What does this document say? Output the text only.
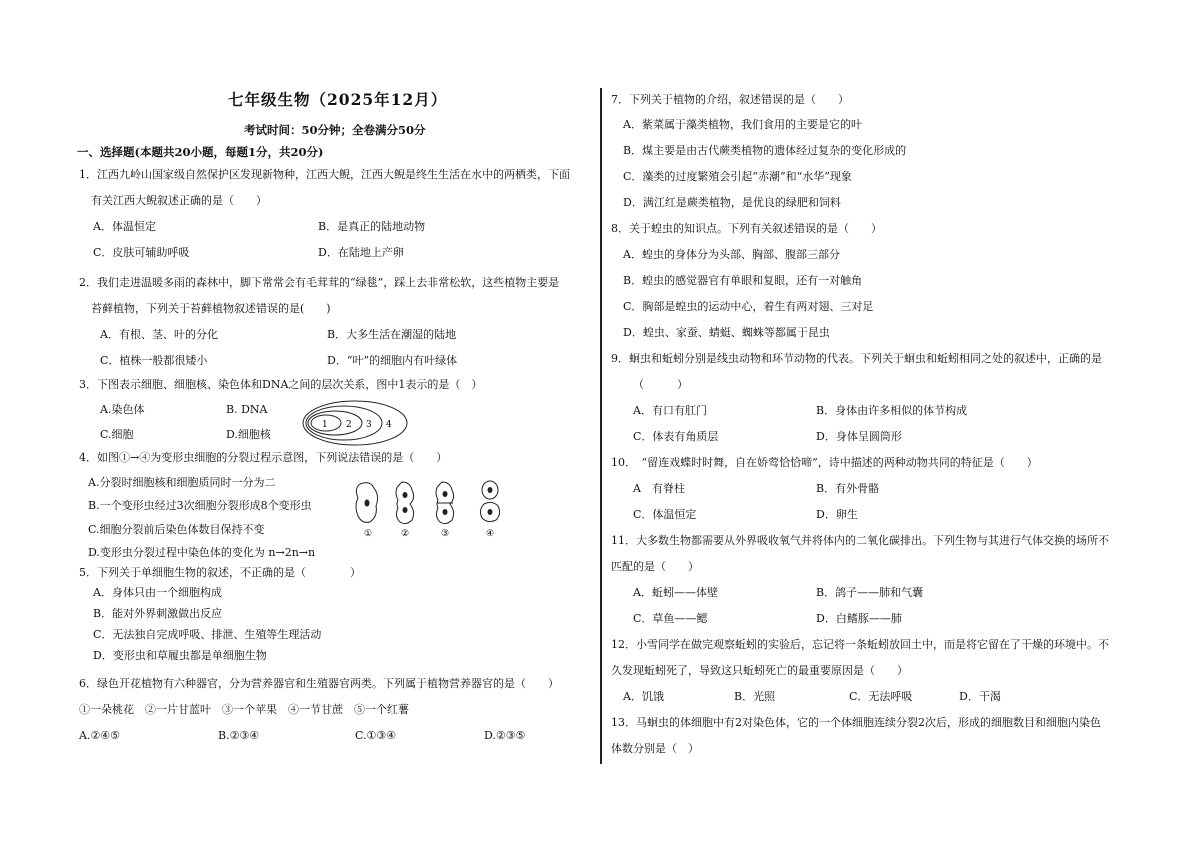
七年级生物（2025年12月）
考试时间：50分钟；全卷满分50分
一、选择题(本题共20小题，每题1分，共20分)
1．江西九岭山国家级自然保护区发现新物种，江西大鲵，江西大鲵是终生生活在水中的两栖类，下面
有关江西大鲵叙述正确的是（　　）
A．体温恒定	B．是真正的陆地动物
C．皮肤可辅助呼吸	D．在陆地上产卵
2．我们走进温暖多雨的森林中，脚下常常会有毛茸茸的“绿毯”，踩上去非常松软，这些植物主要是
苔藓植物，下列关于苔藓植物叙述错误的是(　　)
A．有根、茎、叶的分化	B．大多生活在潮湿的陆地
C．植株一般都很矮小	D．“叶”的细胞内有叶绿体
3．下图表示细胞、细胞核、染色体和DNA之间的层次关系，图中1表示的是（　）
A.染色体	B. DNA
C.细胞	D.细胞核
1 2 3 4
4．如图①→④为变形虫细胞的分裂过程示意图，下列说法错误的是（　　）
A.分裂时细胞核和细胞质同时一分为二
B.一个变形虫经过3次细胞分裂形成8个变形虫
C.细胞分裂前后染色体数目保持不变
D.变形虫分裂过程中染色体的变化为 n→2n→n
①	②	③	④
5．下列关于单细胞生物的叙述，不正确的是（　　　　）
A．身体只由一个细胞构成
B．能对外界刺激做出反应
C．无法独自完成呼吸、排泄、生殖等生理活动
D．变形虫和草履虫都是单细胞生物
6．绿色开花植物有六种器官，分为营养器官和生殖器官两类。下列属于植物营养器官的是（　　）
①一朵桃花　②一片甘蓝叶　③一个苹果　④一节甘蔗　⑤一个红薯
A.②④⑤	B.②③④	C.①③④	D.②③⑤
7．下列关于植物的介绍，叙述错误的是（　　）
A．紫菜属于藻类植物，我们食用的主要是它的叶
B．煤主要是由古代蕨类植物的遗体经过复杂的变化形成的
C．藻类的过度繁殖会引起“赤潮”和“水华”现象
D．满江红是蕨类植物，是优良的绿肥和饲料
8．关于蝗虫的知识点。下列有关叙述错误的是（　　）
A．蝗虫的身体分为头部、胸部、腹部三部分
B．蝗虫的感觉器官有单眼和复眼，还有一对触角
C．胸部是蝗虫的运动中心，着生有两对翅、三对足
D．蝗虫、家蚕、蜻蜓、蜘蛛等都属于昆虫
9．蛔虫和蚯蚓分别是线虫动物和环节动物的代表。下列关于蛔虫和蚯蚓相同之处的叙述中，正确的是
（　　　）
A．有口有肛门	B．身体由许多相似的体节构成
C．体表有角质层	D．身体呈圆筒形
10．　“留连戏蝶时时舞，自在娇莺恰恰啼”，诗中描述的两种动物共同的特征是（　　）
A　有脊柱	B．有外骨骼
C．体温恒定	D．卵生
11．大多数生物都需要从外界吸收氧气并将体内的二氧化碳排出。下列生物与其进行气体交换的场所不
匹配的是（　　）
A．蚯蚓——体壁	B．鸽子——肺和气囊
C．草鱼——鳃	D．白鳍豚——肺
12．小雪同学在做完观察蚯蚓的实验后，忘记将一条蚯蚓放回土中，而是将它留在了干燥的环境中。不
久发现蚯蚓死了，导致这只蚯蚓死亡的最重要原因是（　　）
A．饥饿	B．光照	C．无法呼吸	D．干渴
13．马蛔虫的体细胞中有2对染色体，它的一个体细胞连续分裂2次后，形成的细胞数目和细胞内染色
体数分别是（　）
